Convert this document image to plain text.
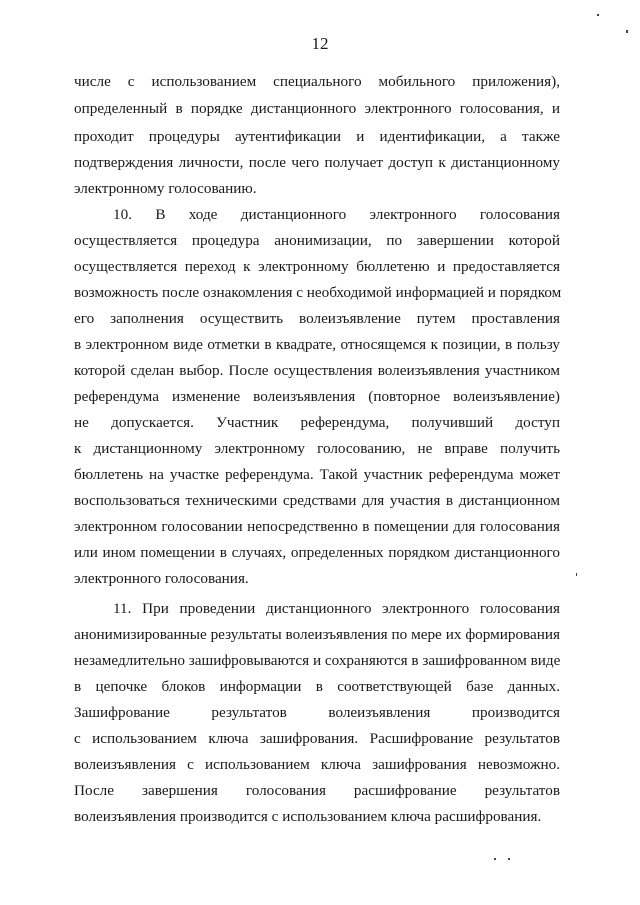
12
числе с использованием специального мобильного приложения),
определенный в порядке дистанционного электронного голосования, и
проходит процедуры аутентификации и идентификации, а также
подтверждения личности, после чего получает доступ к дистанционному
электронному голосованию.
10. В ходе дистанционного электронного голосования
осуществляется процедура анонимизации, по завершении которой
осуществляется переход к электронному бюллетеню и предоставляется
возможность после ознакомления с необходимой информацией и порядком
его заполнения осуществить волеизъявление путем проставления
в электронном виде отметки в квадрате, относящемся к позиции, в пользу
которой сделан выбор. После осуществления волеизъявления участником
референдума изменение волеизъявления (повторное волеизъявление)
не допускается. Участник референдума, получивший доступ
к дистанционному электронному голосованию, не вправе получить
бюллетень на участке референдума. Такой участник референдума может
воспользоваться техническими средствами для участия в дистанционном
электронном голосовании непосредственно в помещении для голосования
или ином помещении в случаях, определенных порядком дистанционного
электронного голосования.
11. При проведении дистанционного электронного голосования
анонимизированные результаты волеизъявления по мере их формирования
незамедлительно зашифровываются и сохраняются в зашифрованном виде
в цепочке блоков информации в соответствующей базе данных.
Зашифрование результатов волеизъявления производится
с использованием ключа зашифрования. Расшифрование результатов
волеизъявления с использованием ключа зашифрования невозможно.
После завершения голосования расшифрование результатов
волеизъявления производится с использованием ключа расшифрования.
